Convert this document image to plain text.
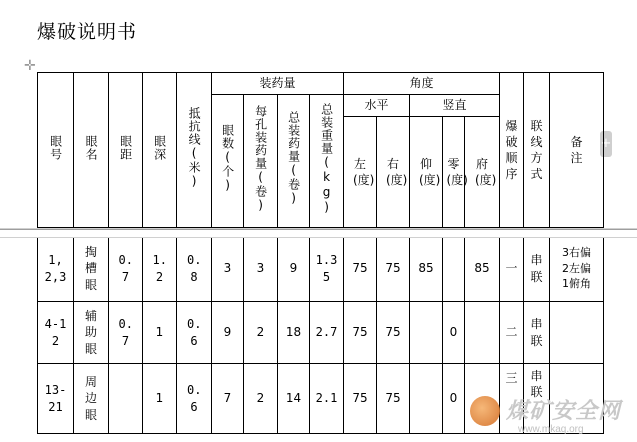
爆破说明书
✛
+
眼号	眼名	眼距	眼深	抵抗线(米)	装药量				角度					爆破顺序	联线方式	备注
					眼数(个)	每孔装药量(卷)	总装药量(卷)	总装重量(kg)	水平		竖直					
									左(度)	右(度)	仰(度)	零(度)	府(度)			
1,2,3	掏槽眼	0.7	1.2	0.8	3	3	9	1.35	75	75	85		85	一	串联	3右偏
2左偏
1俯角

4-12	辅助眼	0.7	1	0.6	9	2	18	2.7	75	75		0		二	串联	
13-21	周边眼		1	0.6	7	2	14	2.1	75	75		0		三	串联	
煤矿安全网
www.mkaq.org
